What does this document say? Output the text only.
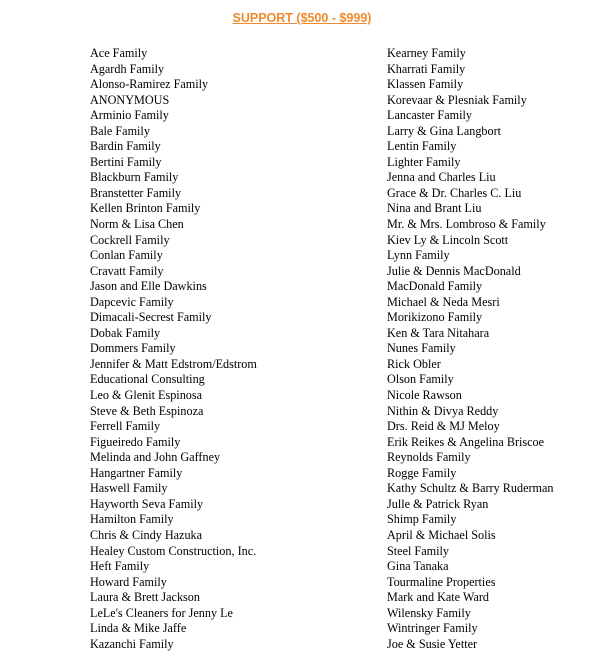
SUPPORT ($500 - $999)
Ace Family
Agardh Family
Alonso-Ramirez Family
ANONYMOUS
Arminio Family
Bale Family
Bardin Family
Bertini Family
Blackburn Family
Branstetter Family
Kellen Brinton Family
Norm & Lisa Chen
Cockrell Family
Conlan Family
Cravatt Family
Jason and Elle Dawkins
Dapcevic Family
Dimacali-Secrest Family
Dobak Family
Dommers Family
Jennifer & Matt Edstrom/Edstrom
Educational Consulting
Leo & Glenit Espinosa
Steve & Beth Espinoza
Ferrell Family
Figueiredo Family
Melinda and John Gaffney
Hangartner Family
Haswell Family
Hayworth Seva Family
Hamilton Family
Chris & Cindy Hazuka
Healey Custom Construction, Inc.
Heft Family
Howard Family
Laura & Brett Jackson
LeLe's Cleaners for Jenny Le
Linda & Mike Jaffe
Kazanchi Family
Kearney Family
Kharrati Family
Klassen Family
Korevaar & Plesniak Family
Lancaster Family
Larry & Gina Langbort
Lentin Family
Lighter Family
Jenna and Charles Liu
Grace & Dr. Charles C. Liu
Nina and Brant Liu
Mr. & Mrs. Lombroso & Family
Kiev Ly & Lincoln Scott
Lynn Family
Julie & Dennis MacDonald
MacDonald Family
Michael & Neda Mesri
Morikizono Family
Ken & Tara Nitahara
Nunes Family
Rick Obler
Olson Family
Nicole Rawson
Nithin & Divya Reddy
Drs. Reid & MJ Meloy
Erik Reikes & Angelina Briscoe
Reynolds Family
Rogge Family
Kathy Schultz & Barry Ruderman
Julle & Patrick Ryan
Shimp Family
April & Michael Solis
Steel Family
Gina Tanaka
Tourmaline Properties
Mark and Kate Ward
Wilensky Family
Wintringer Family
Joe & Susie Yetter
